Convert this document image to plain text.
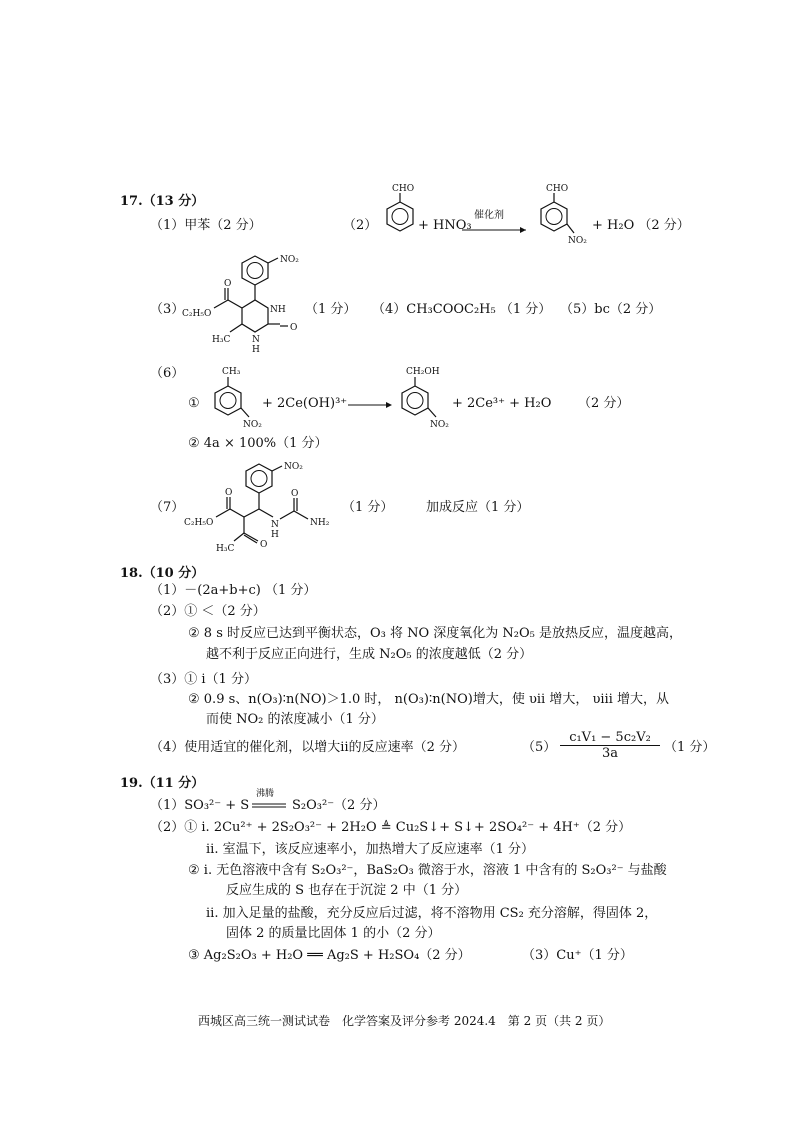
17.（13 分）
（1）甲苯（2 分）	（2）
CHO
+ HNO₃
催化剂
CHO
NO₂
+ H₂O （2 分）
（3）
NO₂
O
C₂H₅O	NH
H₃C
O
N
H
（1 分） （4）CH₃COOC₂H₅ （1 分） （5）bc（2 分）
（6）
①
CH₃
NO₂
+ 2Ce(OH)³⁺
CH₂OH
NO₂
+ 2Ce³⁺ + H₂O （2 分）
② 4a × 100%（1 分）
（7）
NO₂
N
H
O
NH₂
O
C₂H₅O
O
H₃C
（1 分）	加成反应（1 分）
18.（10 分）
（1）－(2a+b+c) （1 分）
（2）① ＜（2 分）
② 8 s 时反应已达到平衡状态，O₃ 将 NO 深度氧化为 N₂O₅ 是放热反应，温度越高，
越不利于反应正向进行，生成 N₂O₅ 的浓度越低（2 分）
（3）① ⅰ（1 分）
② 0.9 s、n(O₃)∶n(NO)＞1.0 时， n(O₃)∶n(NO)增大，使 υⅱ 增大， υⅲ 增大，从
而使 NO₂ 的浓度减小（1 分）
（4）使用适宜的催化剂，以增大ⅱ的反应速率（2 分）	$(5) \frac{\text{c₁V₁ − 5c₂V₂}}{3a} (1$ 分）
19.（11 分）
（1）SO₃²⁻ + S
沸腾
S₂O₃²⁻（2 分）
（2）① ⅰ. 2Cu²⁺ + 2S₂O₃²⁻ + 2H₂O ≜ Cu₂S↓+ S↓+ 2SO₄²⁻ + 4H⁺（2 分）
ⅱ. 室温下，该反应速率小，加热增大了反应速率（1 分）
② ⅰ. 无色溶液中含有 S₂O₃²⁻，BaS₂O₃ 微溶于水，溶液 1 中含有的 S₂O₃²⁻ 与盐酸
反应生成的 S 也存在于沉淀 2 中（1 分）
ⅱ. 加入足量的盐酸，充分反应后过滤，将不溶物用 CS₂ 充分溶解，得固体 2，
固体 2 的质量比固体 1 的小（2 分）
③ Ag₂S₂O₃ + H₂O ══ Ag₂S + H₂SO₄（2 分）	（3）Cu⁺（1 分）
西城区高三统一测试试卷　化学答案及评分参考 2024.4　第 2 页（共 2 页）
